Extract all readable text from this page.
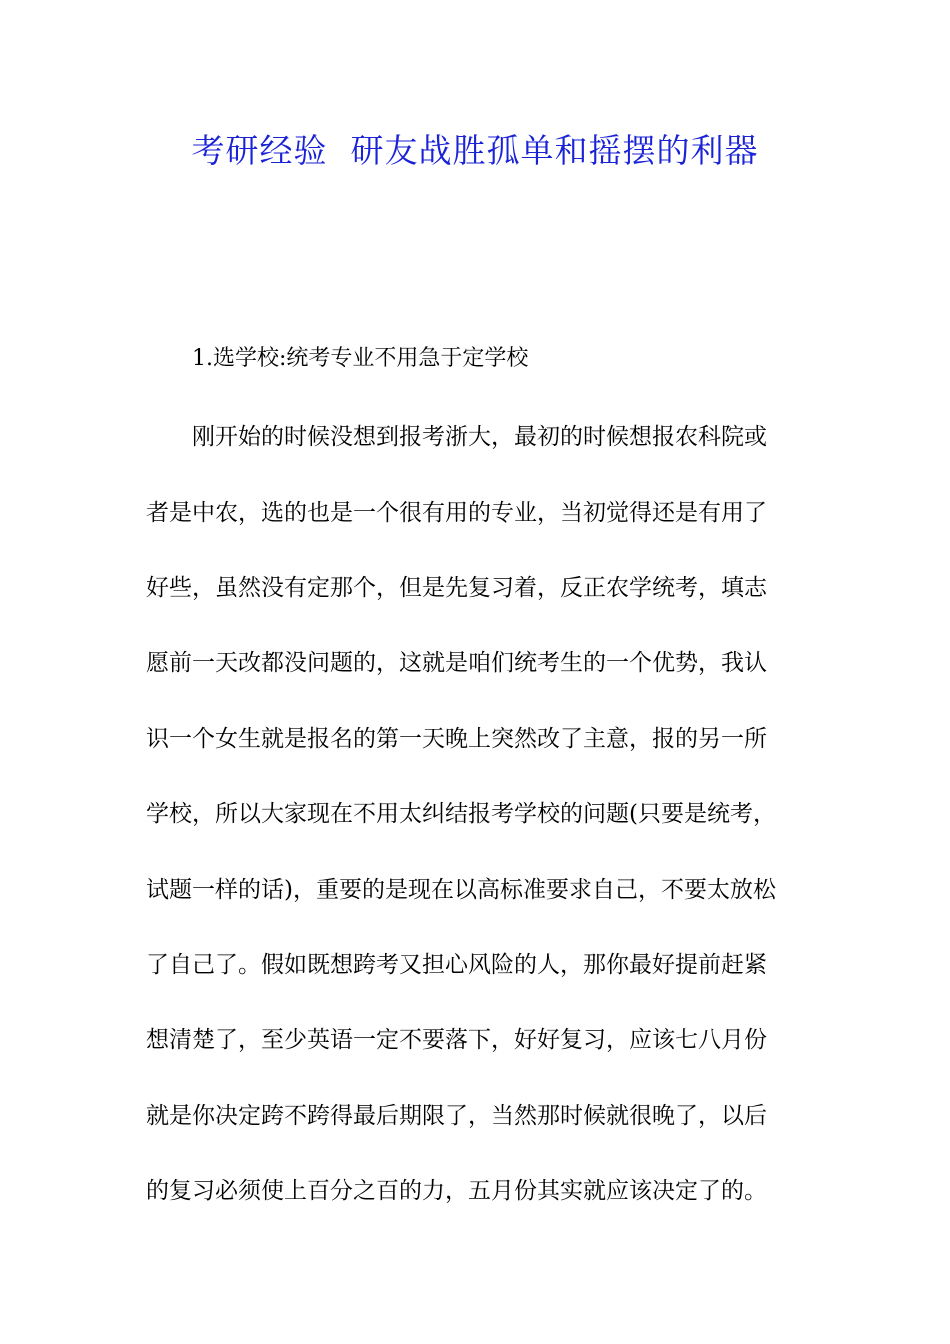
考研经验  研友战胜孤单和摇摆的利器
1.选学校:统考专业不用急于定学校
刚开始的时候没想到报考浙大，最初的时候想报农科院或
者是中农，选的也是一个很有用的专业，当初觉得还是有用了
好些，虽然没有定那个，但是先复习着，反正农学统考，填志
愿前一天改都没问题的，这就是咱们统考生的一个优势，我认
识一个女生就是报名的第一天晚上突然改了主意，报的另一所
学校，所以大家现在不用太纠结报考学校的问题(只要是统考，
试题一样的话)，重要的是现在以高标准要求自己，不要太放松
了自己了。假如既想跨考又担心风险的人，那你最好提前赶紧
想清楚了，至少英语一定不要落下，好好复习，应该七八月份
就是你决定跨不跨得最后期限了，当然那时候就很晚了，以后
的复习必须使上百分之百的力，五月份其实就应该决定了的。
